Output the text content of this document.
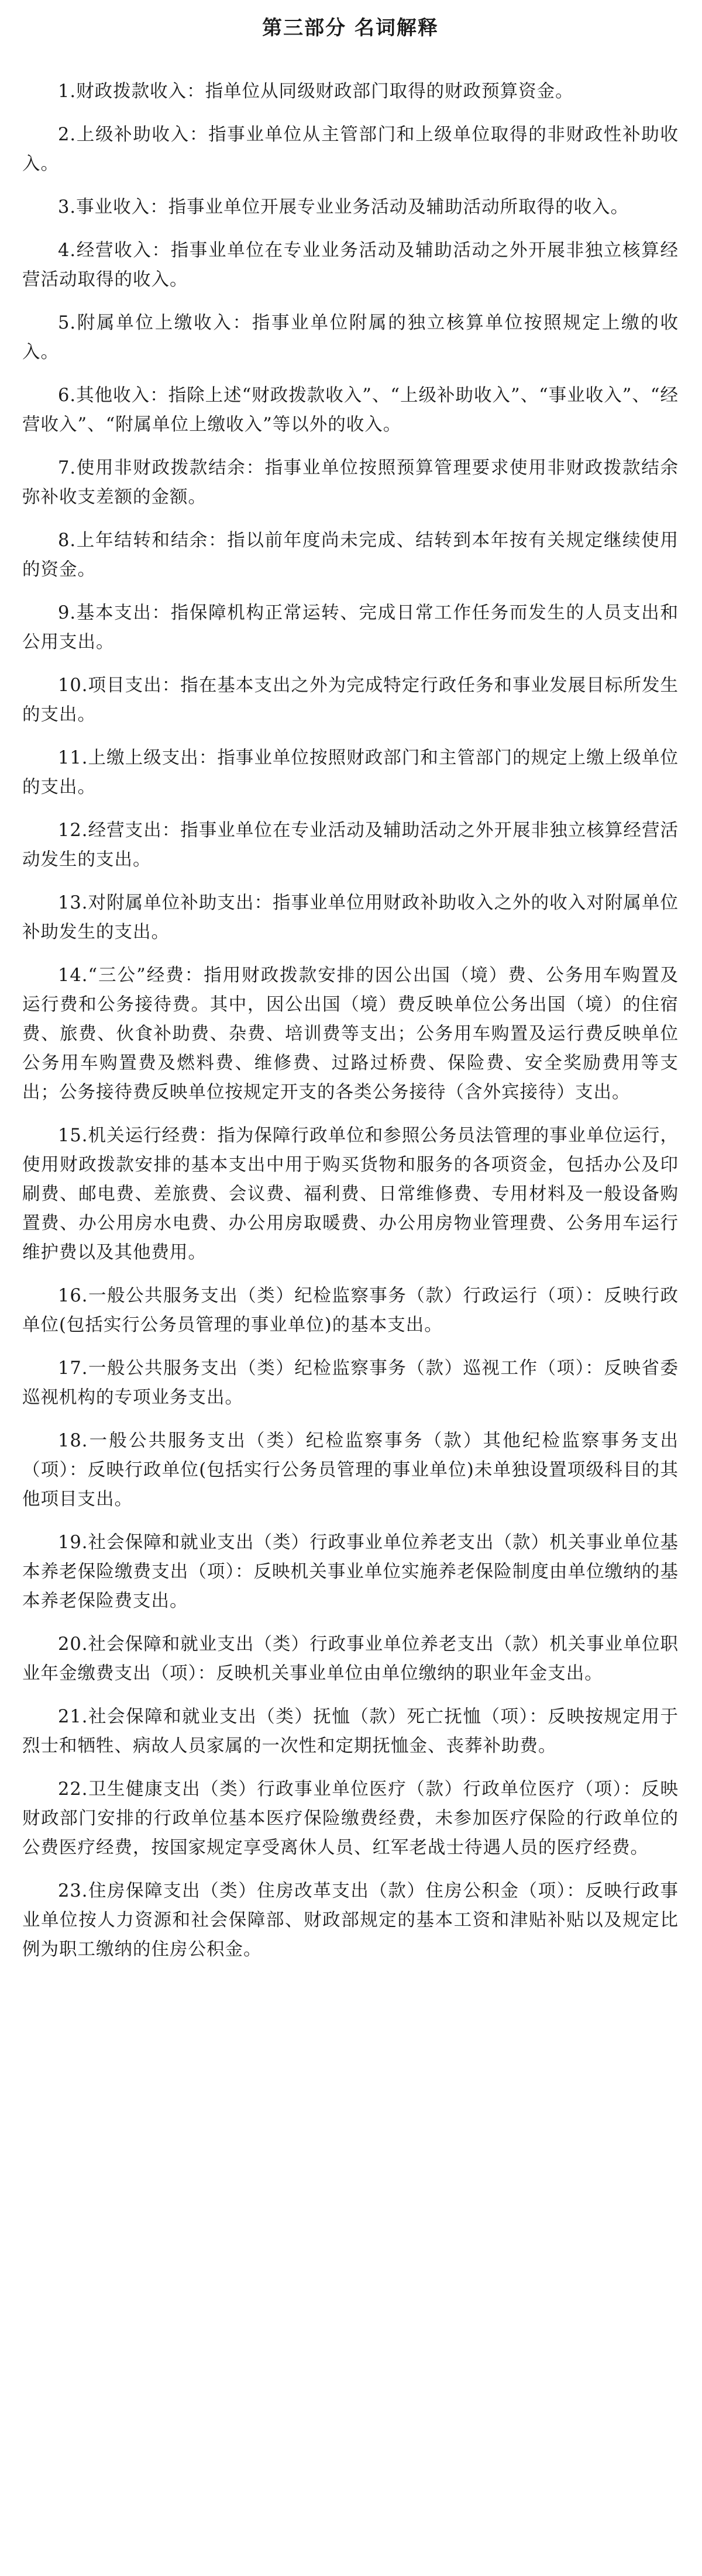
第三部分 名词解释

1.财政拨款收入：指单位从同级财政部门取得的财政预算资金。

2.上级补助收入：指事业单位从主管部门和上级单位取得的非财政性补助收入。

3.事业收入：指事业单位开展专业业务活动及辅助活动所取得的收入。

4.经营收入：指事业单位在专业业务活动及辅助活动之外开展非独立核算经营活动取得的收入。

5.附属单位上缴收入：指事业单位附属的独立核算单位按照规定上缴的收入。

6.其他收入：指除上述“财政拨款收入”、“上级补助收入”、“事业收入”、“经营收入”、“附属单位上缴收入”等以外的收入。

7.使用非财政拨款结余：指事业单位按照预算管理要求使用非财政拨款结余弥补收支差额的金额。

8.上年结转和结余：指以前年度尚未完成、结转到本年按有关规定继续使用的资金。

9.基本支出：指保障机构正常运转、完成日常工作任务而发生的人员支出和公用支出。

10.项目支出：指在基本支出之外为完成特定行政任务和事业发展目标所发生的支出。

11.上缴上级支出：指事业单位按照财政部门和主管部门的规定上缴上级单位的支出。

12.经营支出：指事业单位在专业活动及辅助活动之外开展非独立核算经营活动发生的支出。

13.对附属单位补助支出：指事业单位用财政补助收入之外的收入对附属单位补助发生的支出。

14.“三公”经费：指用财政拨款安排的因公出国（境）费、公务用车购置及运行费和公务接待费。其中，因公出国（境）费反映单位公务出国（境）的住宿费、旅费、伙食补助费、杂费、培训费等支出；公务用车购置及运行费反映单位公务用车购置费及燃料费、维修费、过路过桥费、保险费、安全奖励费用等支出；公务接待费反映单位按规定开支的各类公务接待（含外宾接待）支出。

15.机关运行经费：指为保障行政单位和参照公务员法管理的事业单位运行，使用财政拨款安排的基本支出中用于购买货物和服务的各项资金，包括办公及印刷费、邮电费、差旅费、会议费、福利费、日常维修费、专用材料及一般设备购置费、办公用房水电费、办公用房取暖费、办公用房物业管理费、公务用车运行维护费以及其他费用。

16.一般公共服务支出（类）纪检监察事务（款）行政运行（项）：反映行政单位(包括实行公务员管理的事业单位)的基本支出。

17.一般公共服务支出（类）纪检监察事务（款）巡视工作（项）：反映省委巡视机构的专项业务支出。

18.一般公共服务支出（类）纪检监察事务（款）其他纪检监察事务支出（项）：反映行政单位(包括实行公务员管理的事业单位)未单独设置项级科目的其他项目支出。

19.社会保障和就业支出（类）行政事业单位养老支出（款）机关事业单位基本养老保险缴费支出（项）：反映机关事业单位实施养老保险制度由单位缴纳的基本养老保险费支出。

20.社会保障和就业支出（类）行政事业单位养老支出（款）机关事业单位职业年金缴费支出（项）：反映机关事业单位由单位缴纳的职业年金支出。

21.社会保障和就业支出（类）抚恤（款）死亡抚恤（项）：反映按规定用于烈士和牺牲、病故人员家属的一次性和定期抚恤金、丧葬补助费。

22.卫生健康支出（类）行政事业单位医疗（款）行政单位医疗（项）：反映财政部门安排的行政单位基本医疗保险缴费经费，未参加医疗保险的行政单位的公费医疗经费，按国家规定享受离休人员、红军老战士待遇人员的医疗经费。

23.住房保障支出（类）住房改革支出（款）住房公积金（项）：反映行政事业单位按人力资源和社会保障部、财政部规定的基本工资和津贴补贴以及规定比例为职工缴纳的住房公积金。
